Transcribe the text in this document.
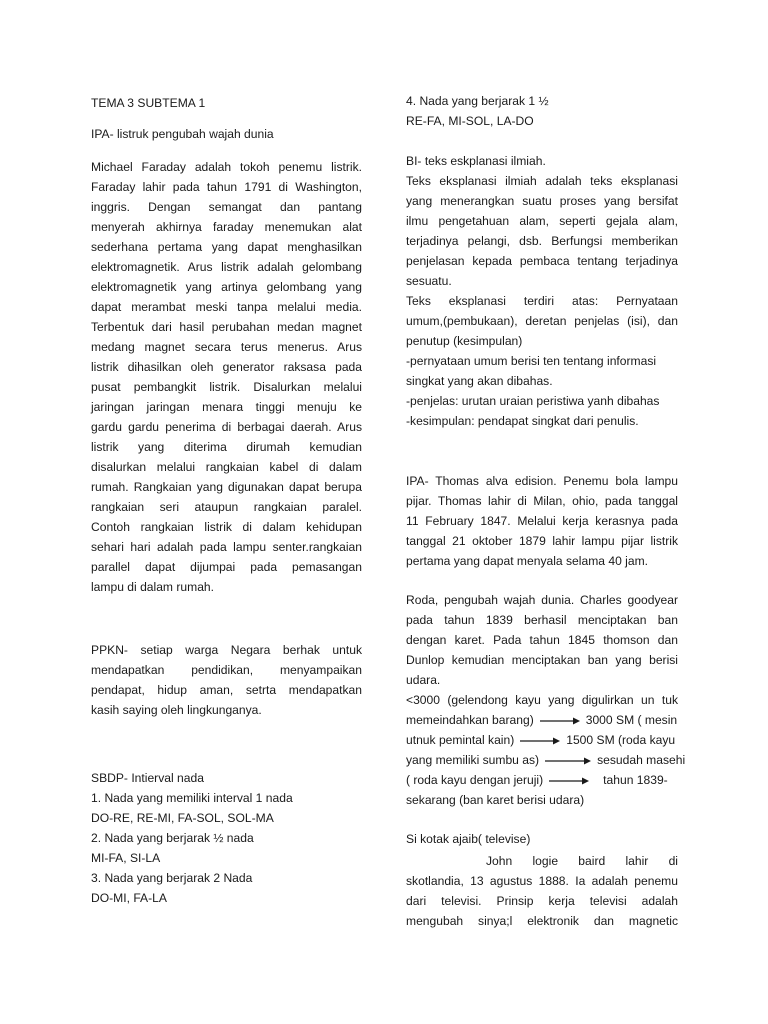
TEMA 3 SUBTEMA 1
IPA- listruk pengubah wajah dunia
Michael Faraday adalah tokoh penemu listrik.
Faraday lahir pada tahun 1791 di Washington,
inggris. Dengan semangat dan pantang
menyerah akhirnya faraday menemukan alat
sederhana pertama yang dapat menghasilkan
elektromagnetik. Arus listrik adalah gelombang
elektromagnetik yang artinya gelombang yang
dapat merambat meski tanpa melalui media.
Terbentuk dari hasil perubahan medan magnet
medang magnet secara terus menerus. Arus
listrik dihasilkan oleh generator raksasa pada
pusat pembangkit listrik. Disalurkan melalui
jaringan jaringan menara tinggi menuju ke
gardu gardu penerima di berbagai daerah. Arus
listrik yang diterima dirumah kemudian
disalurkan melalui rangkaian kabel di dalam
rumah. Rangkaian yang digunakan dapat berupa
rangkaian seri ataupun rangkaian paralel.
Contoh rangkaian listrik di dalam kehidupan
sehari hari adalah pada lampu senter.rangkaian
parallel dapat dijumpai pada pemasangan
lampu di dalam rumah.
PPKN- setiap warga Negara berhak untuk
mendapatkan pendidikan, menyampaikan
pendapat, hidup aman, setrta mendapatkan
kasih saying oleh lingkunganya.
SBDP- Intierval nada
1. Nada yang memiliki interval 1 nada
DO-RE, RE-MI, FA-SOL, SOL-MA
2. Nada yang berjarak ½ nada
MI-FA, SI-LA
3. Nada yang berjarak 2 Nada
DO-MI, FA-LA
4. Nada yang berjarak 1 ½
RE-FA, MI-SOL, LA-DO
BI- teks eskplanasi ilmiah.
Teks eksplanasi ilmiah adalah teks eksplanasi
yang menerangkan suatu proses yang bersifat
ilmu pengetahuan alam, seperti gejala alam,
terjadinya pelangi, dsb. Berfungsi memberikan
penjelasan kepada pembaca tentang terjadinya
sesuatu.
Teks eksplanasi terdiri atas: Pernyataan
umum,(pembukaan), deretan penjelas (isi), dan
penutup (kesimpulan)
-pernyataan umum berisi ten tentang informasi
singkat yang akan dibahas.
-penjelas: urutan uraian peristiwa yanh dibahas
-kesimpulan: pendapat singkat dari penulis.
IPA- Thomas alva edision. Penemu bola lampu
pijar. Thomas lahir di Milan, ohio, pada tanggal
11 February 1847. Melalui kerja kerasnya pada
tanggal 21 oktober 1879 lahir lampu pijar listrik
pertama yang dapat menyala selama 40 jam.
Roda, pengubah wajah dunia. Charles goodyear
pada tahun 1839 berhasil menciptakan ban
dengan karet. Pada tahun 1845 thomson dan
Dunlop kemudian menciptakan ban yang berisi
udara.
<3000 (gelendong kayu yang digulirkan un tuk
memeindahkan barang)	3000 SM ( mesin
utnuk pemintal kain)	1500 SM (roda kayu
yang memiliki sumbu as)	sesudah masehi
( roda kayu dengan jeruji)	tahun 1839-
sekarang (ban karet berisi udara)
Si kotak ajaib( televise)
John logie baird lahir di
skotlandia, 13 agustus 1888. Ia adalah penemu
dari televisi. Prinsip kerja televisi adalah
mengubah sinya;l elektronik dan magnetic
